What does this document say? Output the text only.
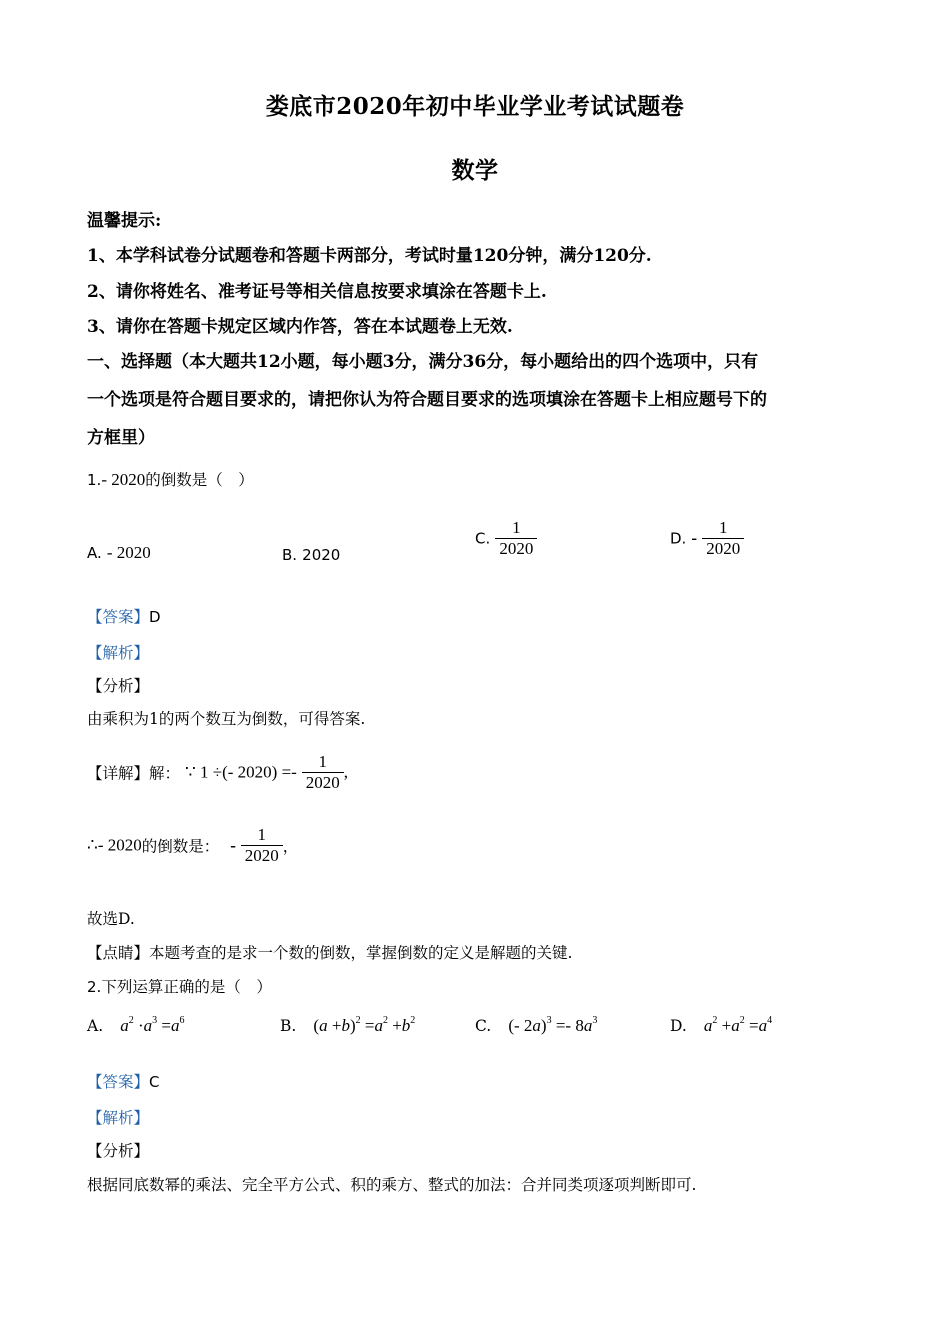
娄底市2020年初中毕业学业考试试题卷
数学
温馨提示:
1、本学科试卷分试题卷和答题卡两部分，考试时量120分钟，满分120分.
2、请你将姓名、准考证号等相关信息按要求填涂在答题卡上.
3、请你在答题卡规定区域内作答，答在本试题卷上无效.
一、选择题（本大题共12小题，每小题3分，满分36分，每小题给出的四个选项中，只有
一个选项是符合题目要求的，请把你认为符合题目要求的选项填涂在答题卡上相应题号下的
方框里）
1.- 2020的倒数是（　）
A. - 2020	B. 2020
C. $\frac{1}{2020}$	D. - $\frac{1}{2020}$
【答案】D
【解析】
【分析】
由乘积为1的两个数互为倒数，可得答案.
【详解】解： ∵ 1 ÷(- $2020) =- \frac{1}{2020}$ ,
∴- 2020的倒数是： - $\frac{1}{2020}$ ，
故选D.
【点睛】本题考查的是求一个数的倒数，掌握倒数的定义是解题的关键.
2.下列运算正确的是（　）
A. $a^2 \cdot a^3 =a^6$	B. $(a +b)^2 =a^2 +b^2$	C. (- $2a)^3 =- 8a^3$	D. $a^2 +a^2 =a^4$
【答案】C
【解析】
【分析】
根据同底数幂的乘法、完全平方公式、积的乘方、整式的加法：合并同类项逐项判断即可.
